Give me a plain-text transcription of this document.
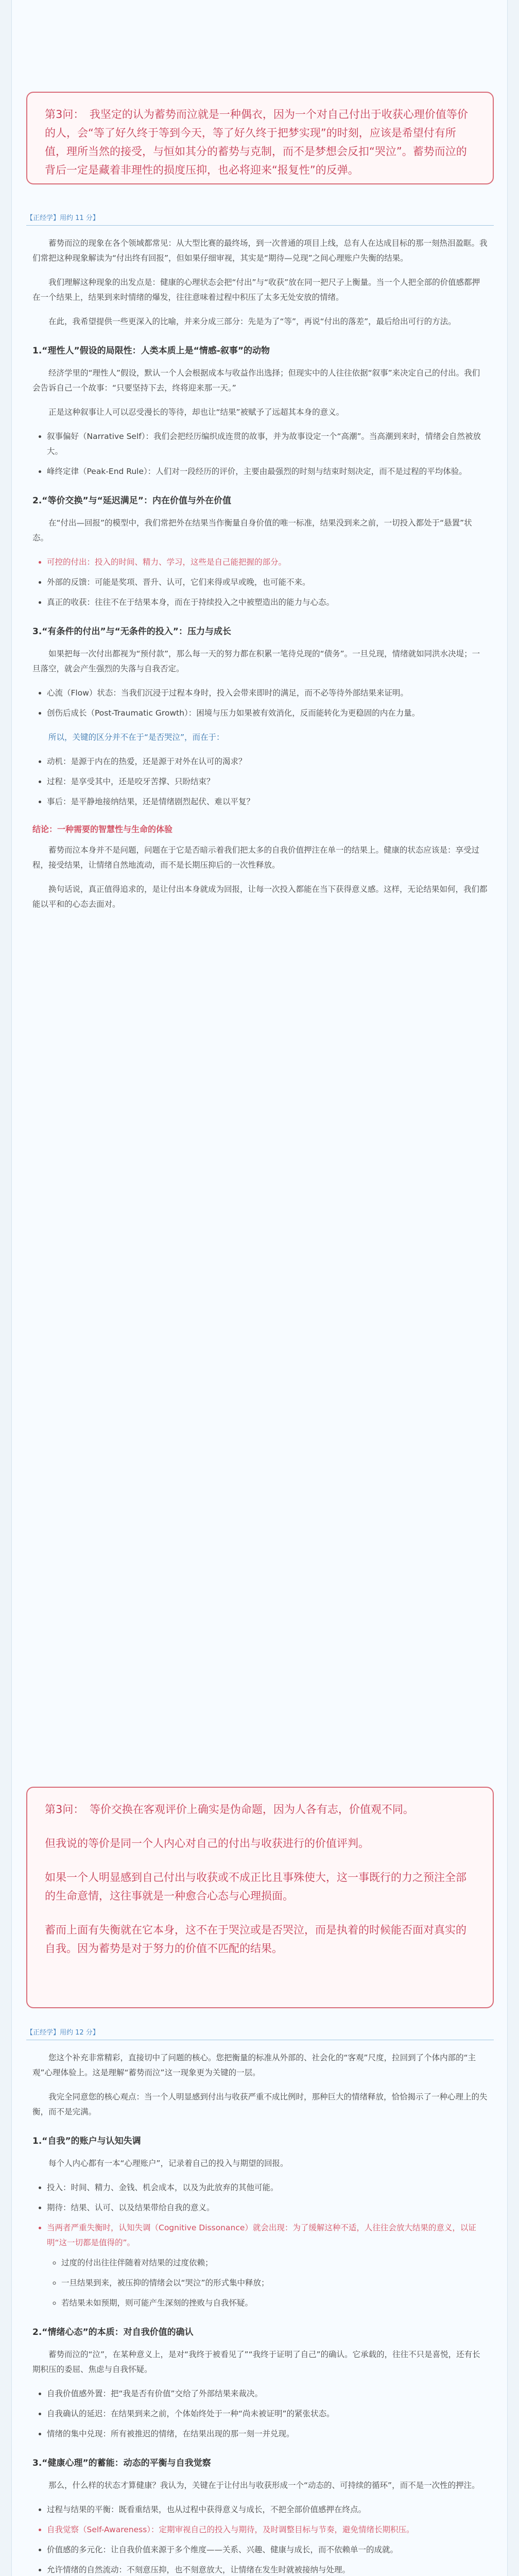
第3问：　我坚定的认为蓄势而泣就是一种偶衣，因为一个对自己付出于收获心理价值等价的人，会“等了好久终于等到今天，等了好久终于把梦实现”的时刻，应该是希望付有所值，理所当然的接受，与恒如其分的蓄势与克制，而不是梦想会反扣“哭泣”。蓄势而泣的背后一定是藏着非理性的损度压抑，也必将迎来“报复性”的反弹。

【正经学】用约 11 分】

蓄势而泣的现象在各个领域都常见：从大型比赛的最终场，到一次普通的项目上线，总有人在达成目标的那一刻热泪盈眶。我们常把这种现象解读为“付出终有回报”，但如果仔细审视，其实是“期待—兑现”之间心理账户失衡的结果。

我们理解这种现象的出发点是：健康的心理状态会把“付出”与“收获”放在同一把尺子上衡量。当一个人把全部的价值感都押在一个结果上，结果到来时情绪的爆发，往往意味着过程中积压了太多无处安放的情绪。

在此，我希望提供一些更深入的比喻，并来分成三部分：先是为了“等”，再说“付出的落差”，最后给出可行的方法。

1.“理性人”假设的局限性：人类本质上是“情感-叙事”的动物

经济学里的“理性人”假设，默认一个人会根据成本与收益作出选择；但现实中的人往往依据“叙事”来决定自己的付出。我们会告诉自己一个故事：“只要坚持下去，终将迎来那一天。”

正是这种叙事让人可以忍受漫长的等待，却也让“结果”被赋予了远超其本身的意义。

• 叙事偏好（Narrative Self）：我们会把经历编织成连贯的故事，并为故事设定一个“高潮”。当高潮到来时，情绪会自然被放大。
• 峰终定律（Peak-End Rule）：人们对一段经历的评价，主要由最强烈的时刻与结束时刻决定，而不是过程的平均体验。
2.“等价交换”与“延迟满足”：内在价值与外在价值

在“付出—回报”的模型中，我们常把外在结果当作衡量自身价值的唯一标准，结果没到来之前，一切投入都处于“悬置”状态。

• 可控的付出：投入的时间、精力、学习，这些是自己能把握的部分。
• 外部的反馈：可能是奖项、晋升、认可，它们来得或早或晚，也可能不来。
• 真正的收获：往往不在于结果本身，而在于持续投入之中被塑造出的能力与心态。
3.“有条件的付出”与“无条件的投入”：压力与成长

如果把每一次付出都视为“预付款”，那么每一天的努力都在积累一笔待兑现的“债务”。一旦兑现，情绪就如同洪水决堤；一旦落空，就会产生强烈的失落与自我否定。

• 心流（Flow）状态：当我们沉浸于过程本身时，投入会带来即时的满足，而不必等待外部结果来证明。
• 创伤后成长（Post-Traumatic Growth）：困境与压力如果被有效消化，反而能转化为更稳固的内在力量。

所以，关键的区分并不在于“是否哭泣”，而在于：

• 动机：是源于内在的热爱，还是源于对外在认可的渴求？
• 过程：是享受其中，还是咬牙苦撑、只盼结束？
• 事后：是平静地接纳结果，还是情绪剧烈起伏、难以平复？
结论：一种需要的智慧性与生命的体验

蓄势而泣本身并不是问题，问题在于它是否暗示着我们把太多的自我价值押注在单一的结果上。健康的状态应该是：享受过程，接受结果，让情绪自然地流动，而不是长期压抑后的一次性释放。

换句话说，真正值得追求的，是让付出本身就成为回报，让每一次投入都能在当下获得意义感。这样，无论结果如何，我们都能以平和的心态去面对。

第3问：　等价交换在客观评价上确实是伪命题，因为人各有志，价值观不同。

但我说的等价是同一个人内心对自己的付出与收获进行的价值评判。

如果一个人明显感到自己付出与收获或不成正比且事殊使大，这一事既行的力之预注全部的生命意情，这往事就是一种愈合心态与心理损面。

蓄而上面有失衡就在它本身，这不在于哭泣或是否哭泣，而是执着的时候能否面对真实的自我。因为蓄势是对于努力的价值不匹配的结果。

【正经学】用约 12 分】

您这个补充非常精彩，直接切中了问题的核心。您把衡量的标准从外部的、社会化的“客观”尺度，拉回到了个体内部的“主观”心理体验上。这是理解“蓄势而泣”这一现象更为关键的一层。

我完全同意您的核心观点：当一个人明显感到付出与收获严重不成比例时，那种巨大的情绪释放，恰恰揭示了一种心理上的失衡，而不是完满。

1.“自我”的账户与认知失调

每个人内心都有一本“心理账户”，记录着自己的投入与期望的回报。

• 投入：时间、精力、金钱、机会成本，以及为此放弃的其他可能。
• 期待：结果、认可、以及结果带给自我的意义。
• 当两者严重失衡时，认知失调（Cognitive Dissonance）就会出现：为了缓解这种不适，人往往会放大结果的意义，以证明“这一切都是值得的”。
◦ 过度的付出往往伴随着对结果的过度依赖；
◦ 一旦结果到来，被压抑的情绪会以“哭泣”的形式集中释放；
◦ 若结果未如预期，则可能产生深刻的挫败与自我怀疑。
2.“情绪心态”的本质：对自我价值的确认

蓄势而泣的“泣”，在某种意义上，是对“我终于被看见了”“我终于证明了自己”的确认。它承载的，往往不只是喜悦，还有长期积压的委屈、焦虑与自我怀疑。

• 自我价值感外置：把“我是否有价值”交给了外部结果来裁决。
• 自我确认的延迟：在结果到来之前，个体始终处于一种“尚未被证明”的紧张状态。
• 情绪的集中兑现：所有被推迟的情绪，在结果出现的那一刻一并兑现。
3.“健康心理”的蓄能：动态的平衡与自我觉察

那么，什么样的状态才算健康？我认为，关键在于让付出与收获形成一个“动态的、可持续的循环”，而不是一次性的押注。

• 过程与结果的平衡：既看重结果，也从过程中获得意义与成长，不把全部价值感押在终点。
• 自我觉察（Self-Awareness）：定期审视自己的投入与期待，及时调整目标与节奏，避免情绪长期积压。
• 价值感的多元化：让自我价值来源于多个维度——关系、兴趣、健康与成长，而不依赖单一的成就。
• 允许情绪的自然流动：不刻意压抑，也不刻意放大，让情绪在发生时就被接纳与处理。
